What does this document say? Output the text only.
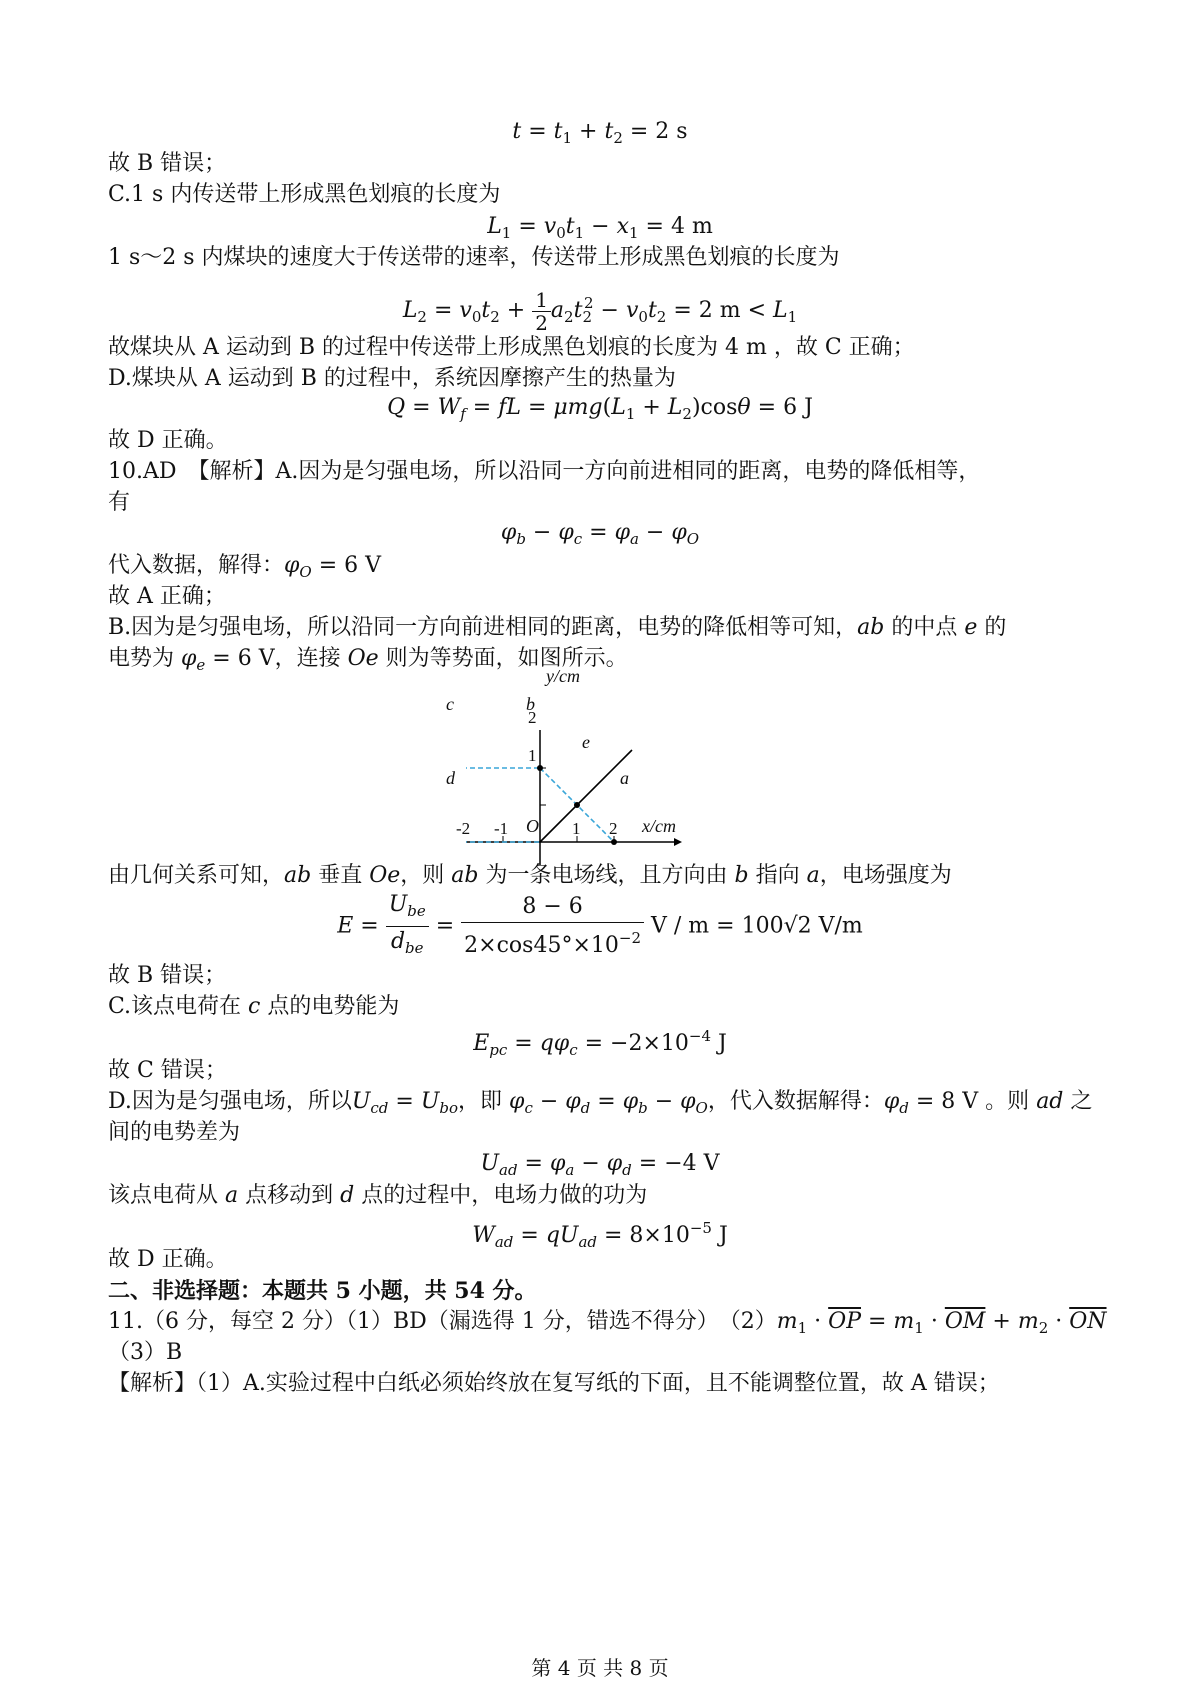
$t = t_1 + t_2 = 2$ s
故 B 错误；
C.1 s 内传送带上形成黑色划痕的长度为
$L_1 = v_0t_1 - x_1 = 4$ m
1 s～2 s 内煤块的速度大于传送带的速率，传送带上形成黑色划痕的长度为
$L_2 = v_0t_2 + \frac{1}{2} a_2t_2^2 - v_0t_2 = 2$ $m < L_1$
故煤块从 A 运动到 B 的过程中传送带上形成黑色划痕的长度为 4 m ，故 C 正确；
D.煤块从 A 运动到 B 的过程中，系统因摩擦产生的热量为
$Q = W_f$ = fL = $\mu mg(L_1 + L_2)\cos\theta = 6$ J
故 D 正确。
10.AD　【解析】A.因为是匀强电场，所以沿同一方向前进相同的距离，电势的降低相等，
有
$\varphi_b - \varphi_c = \varphi_a - \varphi_O$
代入数据，解得：$\varphi_O = 6$ V
故 A 正确；
B.因为是匀强电场，所以沿同一方向前进相同的距离，电势的降低相等可知，ab 的中点 e 的
电势为 $\varphi_e = 6$ V，连接 Oe 则为等势面，如图所示。
y/cm
x/cm
O
c	b
d	a
e
-2 -1	1 2
1
2
由几何关系可知，ab 垂直 Oe，则 ab 为一条电场线，且方向由 b 指向 a，电场强度为
$E = \frac{U_{be}}{d_{be}} = \frac{8 - 6}{2\times\cos 45^\circ\times 10^{-2}}$ V / m = 100√2 V/m
故 B 错误；
C.该点电荷在 c 点的电势能为
$E_{pc} = q\varphi_c = -2\times 10^{-4}$ J
故 C 错误；
D.因为是匀强电场，所以$U_{cd} = U_{bo}$，即 $\varphi_c - \varphi_d = \varphi_b - \varphi_O$，代入数据解得：$\varphi_d = 8$ V 。则 ad 之
间的电势差为
$U_{ad} = \varphi_a - \varphi_d = -4$ V
该点电荷从 a 点移动到 d 点的过程中，电场力做的功为
$W_{ad} = qU_{ad} = 8\times 10^{-5}$ J
故 D 正确。
二、非选择题：本题共 5 小题，共 54 分。
11.（6 分，每空 2 分）（1）BD（漏选得 1 分，错选不得分）　$(2)m_1 \cdot \overline{OP} = m_1 \cdot \overline{OM} + m_2 \cdot \overline{ON}$
（3）B
【解析】（1）A.实验过程中白纸必须始终放在复写纸的下面，且不能调整位置，故 A 错误；
第 4 页 共 8 页
